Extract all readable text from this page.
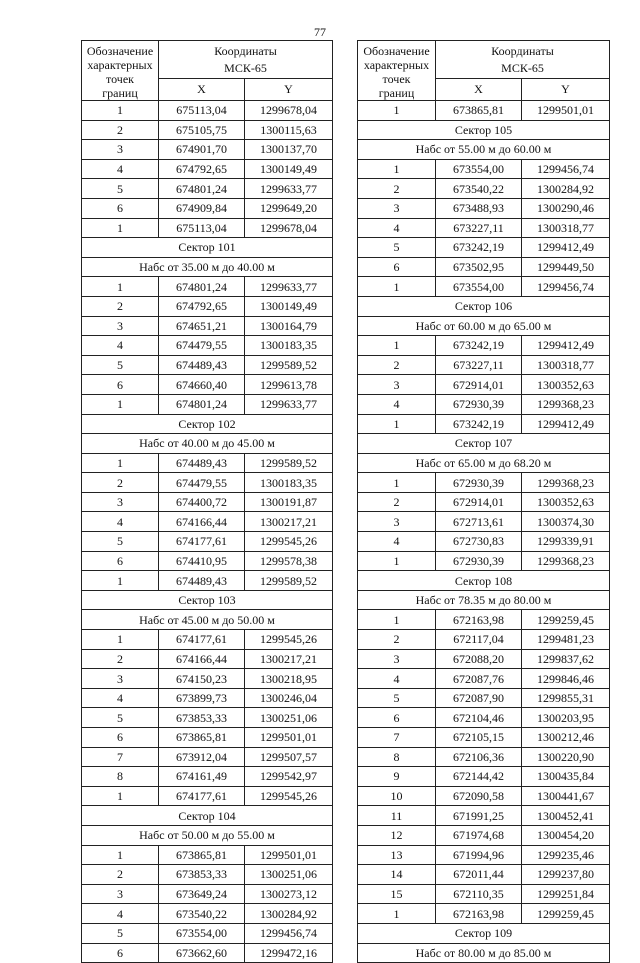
77
Обозначение
характерных
точек
границ	Координаты
МСК-65	
	X	Y
1	675113,04	1299678,04
2	675105,75	1300115,63
3	674901,70	1300137,70
4	674792,65	1300149,49
5	674801,24	1299633,77
6	674909,84	1299649,20
1	675113,04	1299678,04
Сектор 101		
Набс от 35.00 м до 40.00 м		
1	674801,24	1299633,77
2	674792,65	1300149,49
3	674651,21	1300164,79
4	674479,55	1300183,35
5	674489,43	1299589,52
6	674660,40	1299613,78
1	674801,24	1299633,77
Сектор 102		
Набс от 40.00 м до 45.00 м		
1	674489,43	1299589,52
2	674479,55	1300183,35
3	674400,72	1300191,87
4	674166,44	1300217,21
5	674177,61	1299545,26
6	674410,95	1299578,38
1	674489,43	1299589,52
Сектор 103		
Набс от 45.00 м до 50.00 м		
1	674177,61	1299545,26
2	674166,44	1300217,21
3	674150,23	1300218,95
4	673899,73	1300246,04
5	673853,33	1300251,06
6	673865,81	1299501,01
7	673912,04	1299507,57
8	674161,49	1299542,97
1	674177,61	1299545,26
Сектор 104		
Набс от 50.00 м до 55.00 м		
1	673865,81	1299501,01
2	673853,33	1300251,06
3	673649,24	1300273,12
4	673540,22	1300284,92
5	673554,00	1299456,74
6	673662,60	1299472,16
Обозначение
характерных
точек
границ	Координаты
МСК-65	
	X	Y
1	673865,81	1299501,01
Сектор 105		
Набс от 55.00 м до 60.00 м		
1	673554,00	1299456,74
2	673540,22	1300284,92
3	673488,93	1300290,46
4	673227,11	1300318,77
5	673242,19	1299412,49
6	673502,95	1299449,50
1	673554,00	1299456,74
Сектор 106		
Набс от 60.00 м до 65.00 м		
1	673242,19	1299412,49
2	673227,11	1300318,77
3	672914,01	1300352,63
4	672930,39	1299368,23
1	673242,19	1299412,49
Сектор 107		
Набс от 65.00 м до 68.20 м		
1	672930,39	1299368,23
2	672914,01	1300352,63
3	672713,61	1300374,30
4	672730,83	1299339,91
1	672930,39	1299368,23
Сектор 108		
Набс от 78.35 м до 80.00 м		
1	672163,98	1299259,45
2	672117,04	1299481,23
3	672088,20	1299837,62
4	672087,76	1299846,46
5	672087,90	1299855,31
6	672104,46	1300203,95
7	672105,15	1300212,46
8	672106,36	1300220,90
9	672144,42	1300435,84
10	672090,58	1300441,67
11	671991,25	1300452,41
12	671974,68	1300454,20
13	671994,96	1299235,46
14	672011,44	1299237,80
15	672110,35	1299251,84
1	672163,98	1299259,45
Сектор 109		
Набс от 80.00 м до 85.00 м		
